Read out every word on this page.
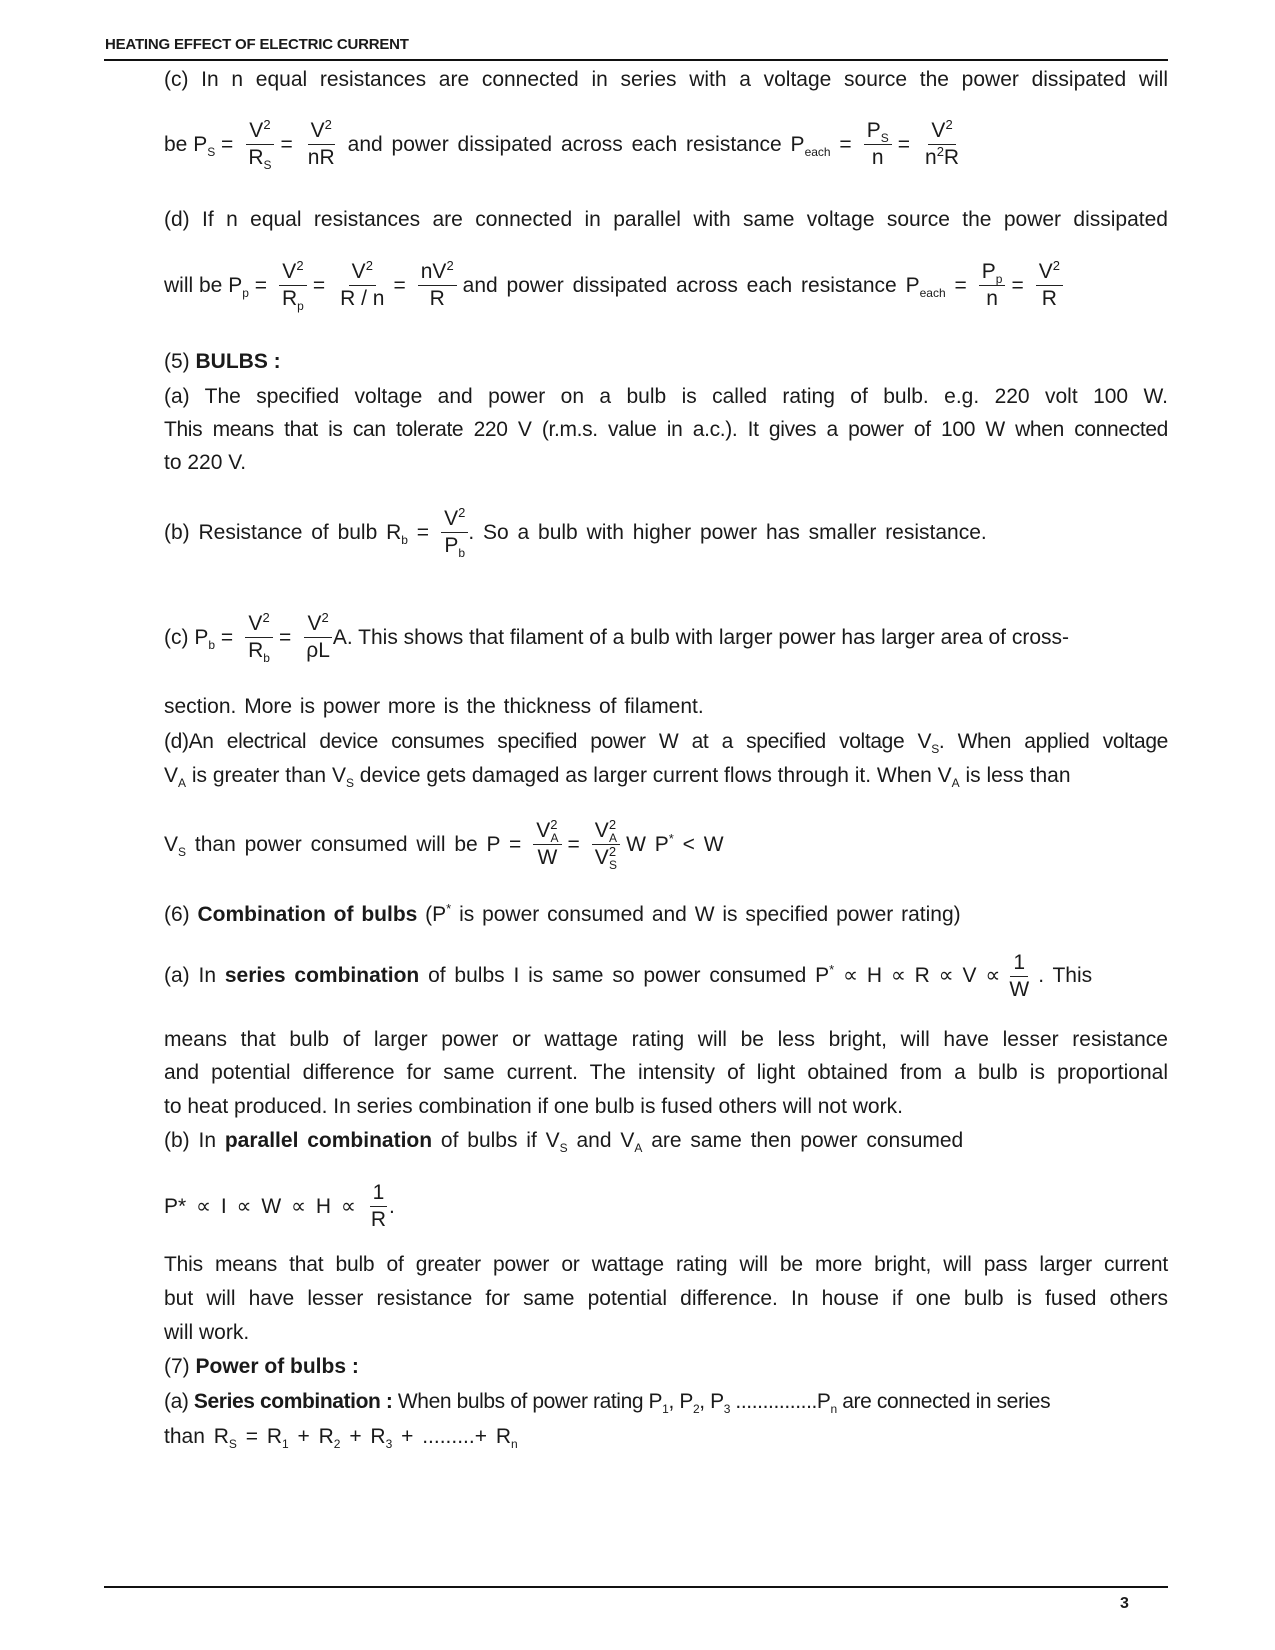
HEATING EFFECT OF ELECTRIC CURRENT
(c) In n equal resistances are connected in series with a voltage source the power dissipated will
be $P_S = \frac{V^2}{R_S} = \frac{V^2}{nR}$ and power dissipated across each resistance $P_{each} = \frac{P_S}{n} = \frac{V^2}{n^2R}$
(d) If n equal resistances are connected in parallel with same voltage source the power dissipated
will be $P_p = \frac{V^2}{R_p} = \frac{V^2}{R / n} = \frac{nV^2}{R}$ and power dissipated across each resistance $P_{each} = \frac{P_p}{n} = \frac{V^2}{R}$
(5) BULBS :
(a) The specified voltage and power on a bulb is called rating of bulb. e.g. 220 volt 100 W.
This means that is can tolerate 220 V (r.m.s. value in a.c.). It gives a power of 100 W when connected
to 220 V.
(b) Resistance of bulb $R_b = \frac{V^2}{P_b}$ . So a bulb with higher power has smaller resistance.
(c) $P_b = \frac{V^2}{R_b} = \frac{V^2}{\rho L} A$. This shows that filament of a bulb with larger power has larger area of cross-
section. More is power more is the thickness of filament.
(d)An electrical device consumes specified power W at a specified voltage $V_S$. When applied voltage
$V_A$ is greater than $V_S$ device gets damaged as larger current flows through it. When $V_A$ is less than
$V_S$ than power consumed will be $P = \frac{V^2_A}{W} = \frac{V^2_A}{V^2_S}$ W P* < W
(6) Combination of bulbs (P* is power consumed and W is specified power rating)
(a) In series combination of bulbs I is same so power consumed $P^* \propto H \propto R \propto V \propto \frac{1}{W}$ . This
means that bulb of larger power or wattage rating will be less bright, will have lesser resistance
and potential difference for same current. The intensity of light obtained from a bulb is proportional
to heat produced. In series combination if one bulb is fused others will not work.
(b) In parallel combination of bulbs if $V_S$ and $V_A$ are same then power consumed
$P* \propto I \propto W \propto H \propto \frac{1}{R}$ .
This means that bulb of greater power or wattage rating will be more bright, will pass larger current
but will have lesser resistance for same potential difference. In house if one bulb is fused others
will work.
(7) Power of bulbs :
(a) Series combination : When bulbs of power rating $P_1$, $P_2$, $P_3$ $...............P_n$ are connected in series
than $R_S = R_1 + R_2 + R_3$ + .........+ $R_n$
3
